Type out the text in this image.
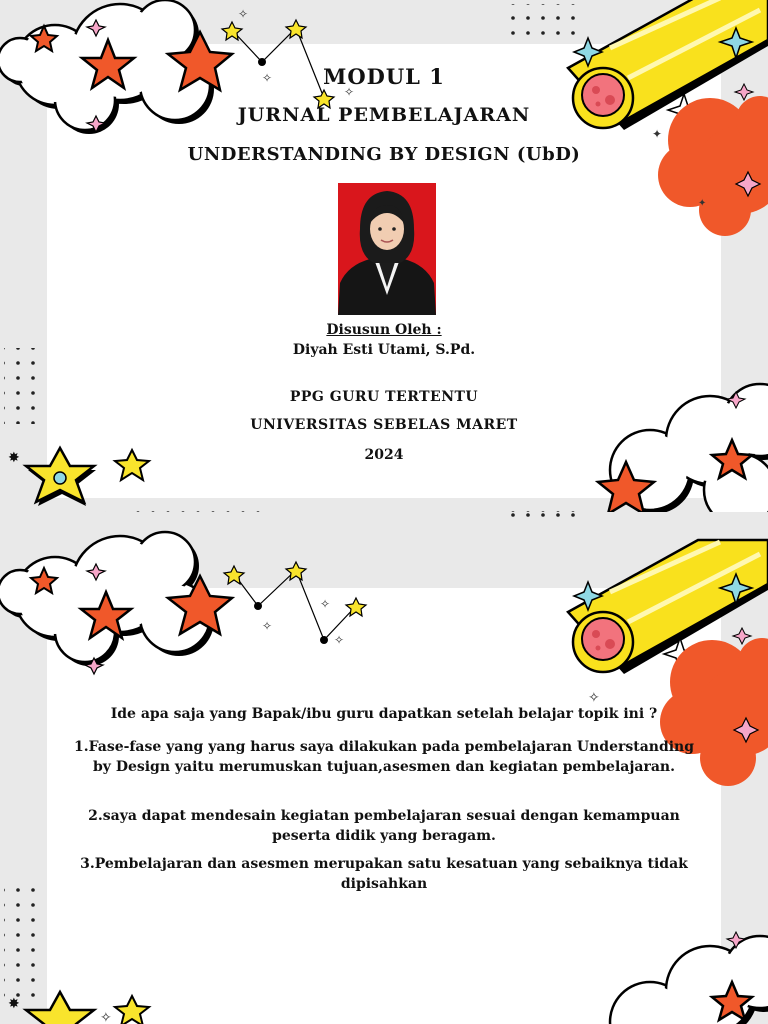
✧
✧
✧
✦
✦
✸

MODUL 1

JURNAL PEMBELAJARAN

UNDERSTANDING BY DESIGN (UbD)

Disusun Oleh :

Diyah Esti Utami, S.Pd.

PPG GURU TERTENTU

UNIVERSITAS SEBELAS MARET

2024

✧
✧
✧
✧
✸
✧

Ide apa saja yang Bapak/ibu guru dapatkan setelah belajar topik ini ?

1.Fase-fase yang yang harus saya dilakukan pada pembelajaran Understanding by Design yaitu merumuskan tujuan,asesmen dan kegiatan pembelajaran.

2.saya dapat mendesain kegiatan pembelajaran sesuai dengan kemampuan peserta didik yang beragam.

3.Pembelajaran dan asesmen merupakan satu kesatuan yang sebaiknya tidak dipisahkan
